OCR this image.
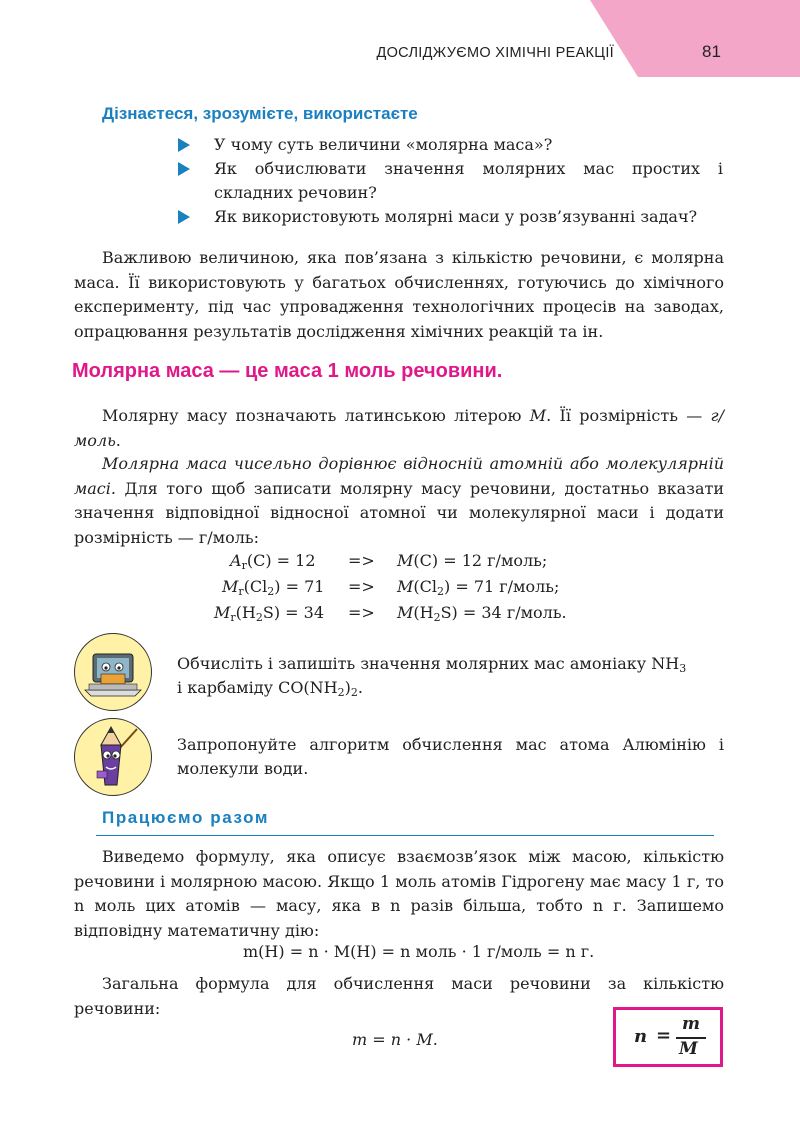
ДОСЛІДЖУЄМО ХІМІЧНІ РЕАКЦІЇ	81
Дізнаєтеся, зрозумієте, використаєте
У чому суть величини «молярна маса»?
Як обчислювати значення молярних мас простих і складних речовин?
Як використовують молярні маси у розв’язуванні задач?
Важливою величиною, яка пов’язана з кількістю речовини, є молярна маса. Її використовують у багатьох обчисленнях, готуючись до хімічного експерименту, під час упровадження технологічних процесів на заводах, опрацювання результатів дослідження хімічних реакцій та ін.
Молярна маса — це маса 1 моль речовини.
Молярну масу позначають латинською літерою M. Її розмірність — г/моль.
Молярна маса чисельно дорівнює відносній атомній або молекулярній масі. Для того щоб записати молярну масу речовини, достатньо вказати значення відповідної відносної атомної чи молекулярної маси і додати розмірність — г/моль:
$A_r(C) = 12 => M(C) = 12$ г/моль;
$M_r(Cl_2) = 71 => M(Cl_2) = 71$ г/моль;
$M_r(H_2S) = 34 => M(H_2S) = 34$ г/моль.
Обчисліть і запишіть значення молярних мас амоніаку $NH_3$
і карбаміду $CO(NH_2)_2$.
Запропонуйте алгоритм обчислення мас атома Алюмінію і молекули води.
Працюємо разом
Виведемо формулу, яка описує взаємозв’язок між масою, кількістю речовини і молярною масою. Якщо 1 моль атомів Гідрогену має масу 1 г, то n моль цих атомів — масу, яка в n разів більша, тобто n г. Запишемо відповідну математичну дію:
m(H) = n · M(H) = n моль · 1 г/моль = n г.
Загальна формула для обчислення маси речовини за кількістю речовини:
m = n · M.	n =
m
M
